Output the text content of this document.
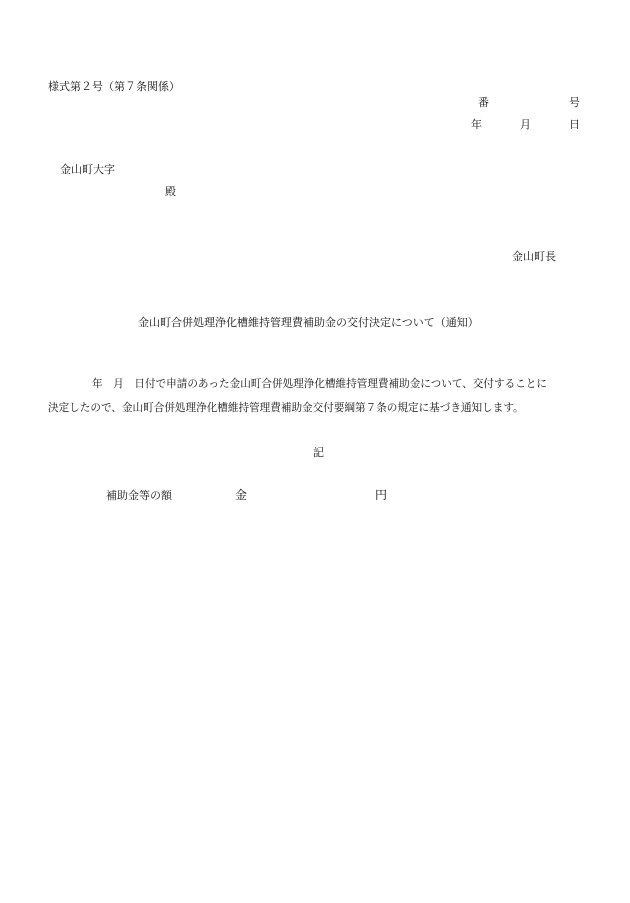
様式第２号（第７条関係）
番	号
年	月	日
金山町大字
殿
金山町長
金山町合併処理浄化槽維持管理費補助金の交付決定について（通知）
年　月　日付で申請のあった金山町合併処理浄化槽維持管理費補助金について、交付することに
決定したので、金山町合併処理浄化槽維持管理費補助金交付要綱第７条の規定に基づき通知します。
記
補助金等の額	金	円
